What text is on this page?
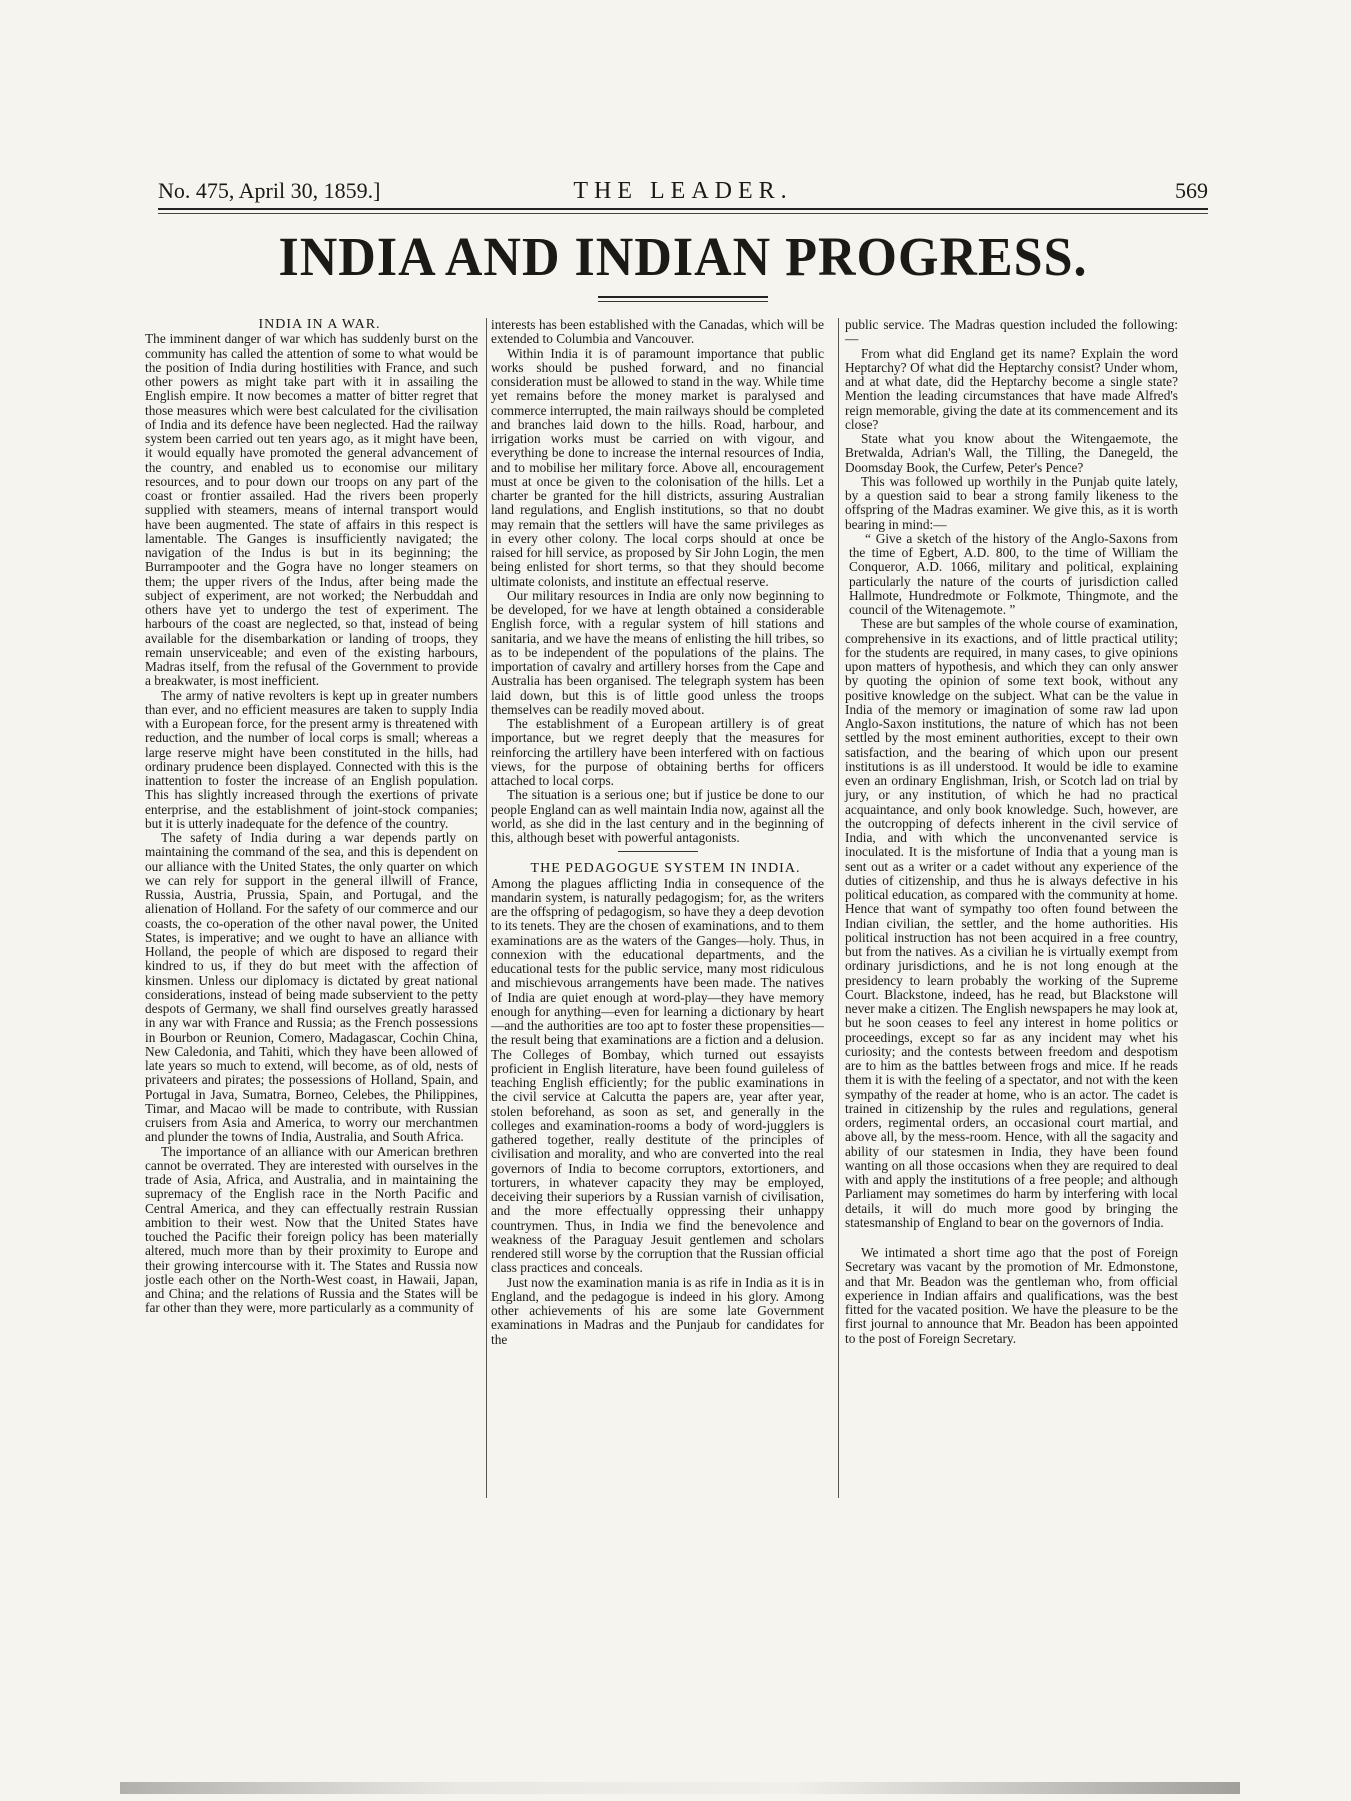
No. 475, April 30, 1859.]	THE LEADER.	569
INDIA AND INDIAN PROGRESS.

INDIA IN A WAR.

The imminent danger of war which has suddenly burst on the community has called the attention of some to what would be the position of India during hostilities with France, and such other powers as might take part with it in assailing the English empire. It now becomes a matter of bitter regret that those measures which were best calculated for the civilisation of India and its defence have been neglected. Had the railway system been carried out ten years ago, as it might have been, it would equally have promoted the general advancement of the country, and enabled us to economise our military resources, and to pour down our troops on any part of the coast or frontier assailed. Had the rivers been properly supplied with steamers, means of internal transport would have been augmented. The state of affairs in this respect is lamentable. The Ganges is insufficiently navigated; the navigation of the Indus is but in its beginning; the Burrampooter and the Gogra have no longer steamers on them; the upper rivers of the Indus, after being made the subject of experiment, are not worked; the Nerbuddah and others have yet to undergo the test of experiment. The harbours of the coast are neglected, so that, instead of being available for the disembarkation or landing of troops, they remain unserviceable; and even of the existing harbours, Madras itself, from the refusal of the Government to provide a breakwater, is most inefficient.

The army of native revolters is kept up in greater numbers than ever, and no efficient measures are taken to supply India with a European force, for the present army is threatened with reduction, and the number of local corps is small; whereas a large reserve might have been constituted in the hills, had ordinary prudence been displayed. Connected with this is the inattention to foster the increase of an English population. This has slightly increased through the exertions of private enterprise, and the establishment of joint-stock companies; but it is utterly inadequate for the defence of the country.

The safety of India during a war depends partly on maintaining the command of the sea, and this is dependent on our alliance with the United States, the only quarter on which we can rely for support in the general illwill of France, Russia, Austria, Prussia, Spain, and Portugal, and the alienation of Holland. For the safety of our commerce and our coasts, the co-operation of the other naval power, the United States, is imperative; and we ought to have an alliance with Holland, the people of which are disposed to regard their kindred to us, if they do but meet with the affection of kinsmen. Unless our diplomacy is dictated by great national considerations, instead of being made subservient to the petty despots of Germany, we shall find ourselves greatly harassed in any war with France and Russia; as the French possessions in Bourbon or Reunion, Comero, Madagascar, Cochin China, New Caledonia, and Tahiti, which they have been allowed of late years so much to extend, will become, as of old, nests of privateers and pirates; the possessions of Holland, Spain, and Portugal in Java, Sumatra, Borneo, Celebes, the Philippines, Timar, and Macao will be made to contribute, with Russian cruisers from Asia and America, to worry our merchantmen and plunder the towns of India, Australia, and South Africa.

The importance of an alliance with our American brethren cannot be overrated. They are interested with ourselves in the trade of Asia, Africa, and Australia, and in maintaining the supremacy of the English race in the North Pacific and Central America, and they can effectually restrain Russian ambition to their west. Now that the United States have touched the Pacific their foreign policy has been materially altered, much more than by their proximity to Europe and their growing intercourse with it. The States and Russia now jostle each other on the North-West coast, in Hawaii, Japan, and China; and the relations of Russia and the States will be far other than they were, more particularly as a community of

interests has been established with the Canadas, which will be extended to Columbia and Vancouver.

Within India it is of paramount importance that public works should be pushed forward, and no financial consideration must be allowed to stand in the way. While time yet remains before the money market is paralysed and commerce interrupted, the main railways should be completed and branches laid down to the hills. Road, harbour, and irrigation works must be carried on with vigour, and everything be done to increase the internal resources of India, and to mobilise her military force. Above all, encouragement must at once be given to the colonisation of the hills. Let a charter be granted for the hill districts, assuring Australian land regulations, and English institutions, so that no doubt may remain that the settlers will have the same privileges as in every other colony. The local corps should at once be raised for hill service, as proposed by Sir John Login, the men being enlisted for short terms, so that they should become ultimate colonists, and institute an effectual reserve.

Our military resources in India are only now beginning to be developed, for we have at length obtained a considerable English force, with a regular system of hill stations and sanitaria, and we have the means of enlisting the hill tribes, so as to be independent of the populations of the plains. The importation of cavalry and artillery horses from the Cape and Australia has been organised. The telegraph system has been laid down, but this is of little good unless the troops themselves can be readily moved about.

The establishment of a European artillery is of great importance, but we regret deeply that the measures for reinforcing the artillery have been interfered with on factious views, for the purpose of obtaining berths for officers attached to local corps.

The situation is a serious one; but if justice be done to our people England can as well maintain India now, against all the world, as she did in the last century and in the beginning of this, although beset with powerful antagonists.

THE PEDAGOGUE SYSTEM IN INDIA.

Among the plagues afflicting India in consequence of the mandarin system, is naturally pedagogism; for, as the writers are the offspring of pedagogism, so have they a deep devotion to its tenets. They are the chosen of examinations, and to them examinations are as the waters of the Ganges—holy. Thus, in connexion with the educational departments, and the educational tests for the public service, many most ridiculous and mischievous arrangements have been made. The natives of India are quiet enough at word-play—they have memory enough for anything—even for learning a dictionary by heart—and the authorities are too apt to foster these propensities—the result being that examinations are a fiction and a delusion. The Colleges of Bombay, which turned out essayists proficient in English literature, have been found guileless of teaching English efficiently; for the public examinations in the civil service at Calcutta the papers are, year after year, stolen beforehand, as soon as set, and generally in the colleges and examination-rooms a body of word-jugglers is gathered together, really destitute of the principles of civilisation and morality, and who are converted into the real governors of India to become corruptors, extortioners, and torturers, in whatever capacity they may be employed, deceiving their superiors by a Russian varnish of civilisation, and the more effectually oppressing their unhappy countrymen. Thus, in India we find the benevolence and weakness of the Paraguay Jesuit gentlemen and scholars rendered still worse by the corruption that the Russian official class practices and conceals.

Just now the examination mania is as rife in India as it is in England, and the pedagogue is indeed in his glory. Among other achievements of his are some late Government examinations in Madras and the Punjaub for candidates for the

public service. The Madras question included the following:—

From what did England get its name? Explain the word Heptarchy? Of what did the Heptarchy consist? Under whom, and at what date, did the Heptarchy become a single state? Mention the leading circumstances that have made Alfred's reign memorable, giving the date at its commencement and its close?

State what you know about the Witengaemote, the Bretwalda, Adrian's Wall, the Tilling, the Danegeld, the Doomsday Book, the Curfew, Peter's Pence?

This was followed up worthily in the Punjab quite lately, by a question said to bear a strong family likeness to the offspring of the Madras examiner. We give this, as it is worth bearing in mind:—

“ Give a sketch of the history of the Anglo-Saxons from the time of Egbert, A.D. 800, to the time of William the Conqueror, A.D. 1066, military and political, explaining particularly the nature of the courts of jurisdiction called Hallmote, Hundredmote or Folkmote, Thingmote, and the council of the Witenagemote. ”

These are but samples of the whole course of examination, comprehensive in its exactions, and of little practical utility; for the students are required, in many cases, to give opinions upon matters of hypothesis, and which they can only answer by quoting the opinion of some text book, without any positive knowledge on the subject. What can be the value in India of the memory or imagination of some raw lad upon Anglo-Saxon institutions, the nature of which has not been settled by the most eminent authorities, except to their own satisfaction, and the bearing of which upon our present institutions is as ill understood. It would be idle to examine even an ordinary Englishman, Irish, or Scotch lad on trial by jury, or any institution, of which he had no practical acquaintance, and only book knowledge. Such, however, are the outcropping of defects inherent in the civil service of India, and with which the unconvenanted service is inoculated. It is the misfortune of India that a young man is sent out as a writer or a cadet without any experience of the duties of citizenship, and thus he is always defective in his political education, as compared with the community at home. Hence that want of sympathy too often found between the Indian civilian, the settler, and the home authorities. His political instruction has not been acquired in a free country, but from the natives. As a civilian he is virtually exempt from ordinary jurisdictions, and he is not long enough at the presidency to learn probably the working of the Supreme Court. Blackstone, indeed, has he read, but Blackstone will never make a citizen. The English newspapers he may look at, but he soon ceases to feel any interest in home politics or proceedings, except so far as any incident may whet his curiosity; and the contests between freedom and despotism are to him as the battles between frogs and mice. If he reads them it is with the feeling of a spectator, and not with the keen sympathy of the reader at home, who is an actor. The cadet is trained in citizenship by the rules and regulations, general orders, regimental orders, an occasional court martial, and above all, by the mess-room. Hence, with all the sagacity and ability of our statesmen in India, they have been found wanting on all those occasions when they are required to deal with and apply the institutions of a free people; and although Parliament may sometimes do harm by interfering with local details, it will do much more good by bringing the statesmanship of England to bear on the governors of India.

We intimated a short time ago that the post of Foreign Secretary was vacant by the promotion of Mr. Edmonstone, and that Mr. Beadon was the gentleman who, from official experience in Indian affairs and qualifications, was the best fitted for the vacated position. We have the pleasure to be the first journal to announce that Mr. Beadon has been appointed to the post of Foreign Secretary.
